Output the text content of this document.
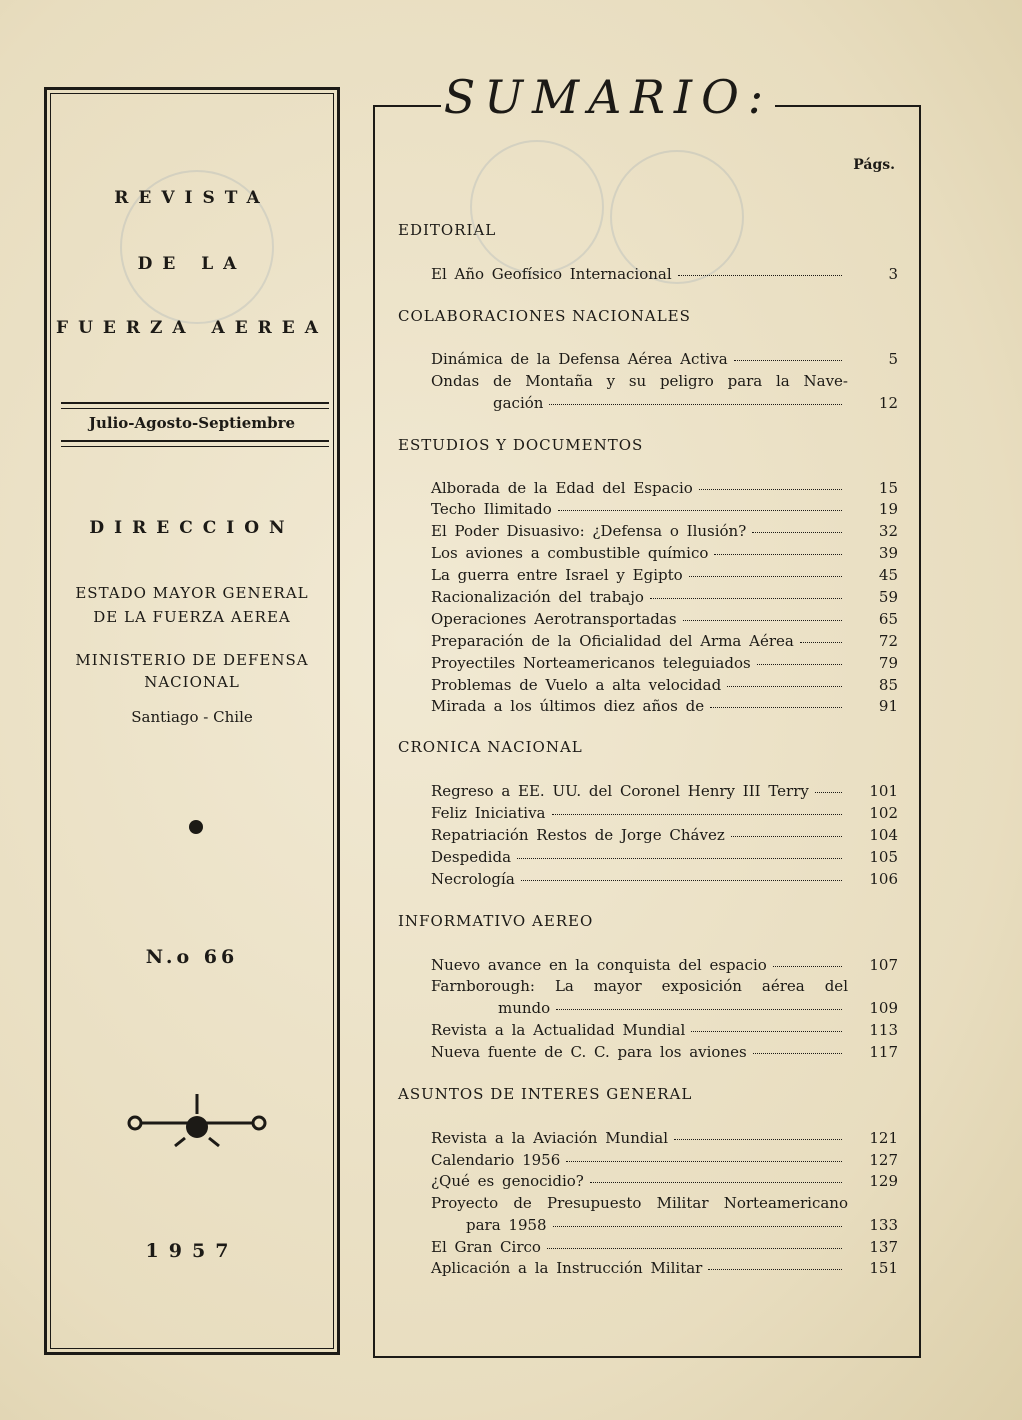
REVISTA
DE LA
FUERZA AEREA
Julio-Agosto-Septiembre
DIRECCION
ESTADO MAYOR GENERAL
DE LA FUERZA AEREA
MINISTERIO DE DEFENSA
NACIONAL
Santiago - Chile
N.o 66
1957
SUMARIO:
Págs.
EDITORIAL
El Año Geofísico Internacional	3
COLABORACIONES NACIONALES
Dinámica de la Defensa Aérea Activa	5
Ondas de Montaña y su peligro para la Nave-
gación	12
ESTUDIOS Y DOCUMENTOS
Alborada de la Edad del Espacio	15
Techo Ilimitado	19
El Poder Disuasivo: ¿Defensa o Ilusión?	32
Los aviones a combustible químico	39
La guerra entre Israel y Egipto	45
Racionalización del trabajo	59
Operaciones Aerotransportadas	65
Preparación de la Oficialidad del Arma Aérea	72
Proyectiles Norteamericanos teleguiados	79
Problemas de Vuelo a alta velocidad	85
Mirada a los últimos diez años de	91
CRONICA NACIONAL
Regreso a EE. UU. del Coronel Henry III Terry	101
Feliz Iniciativa	102
Repatriación Restos de Jorge Chávez	104
Despedida	105
Necrología	106
INFORMATIVO AEREO
Nuevo avance en la conquista del espacio	107
Farnborough: La mayor exposición aérea del
mundo	109
Revista a la Actualidad Mundial	113
Nueva fuente de C. C. para los aviones	117
ASUNTOS DE INTERES GENERAL
Revista a la Aviación Mundial	121
Calendario 1956	127
¿Qué es genocidio?	129
Proyecto de Presupuesto Militar Norteamericano
para 1958	133
El Gran Circo	137
Aplicación a la Instrucción Militar	151
